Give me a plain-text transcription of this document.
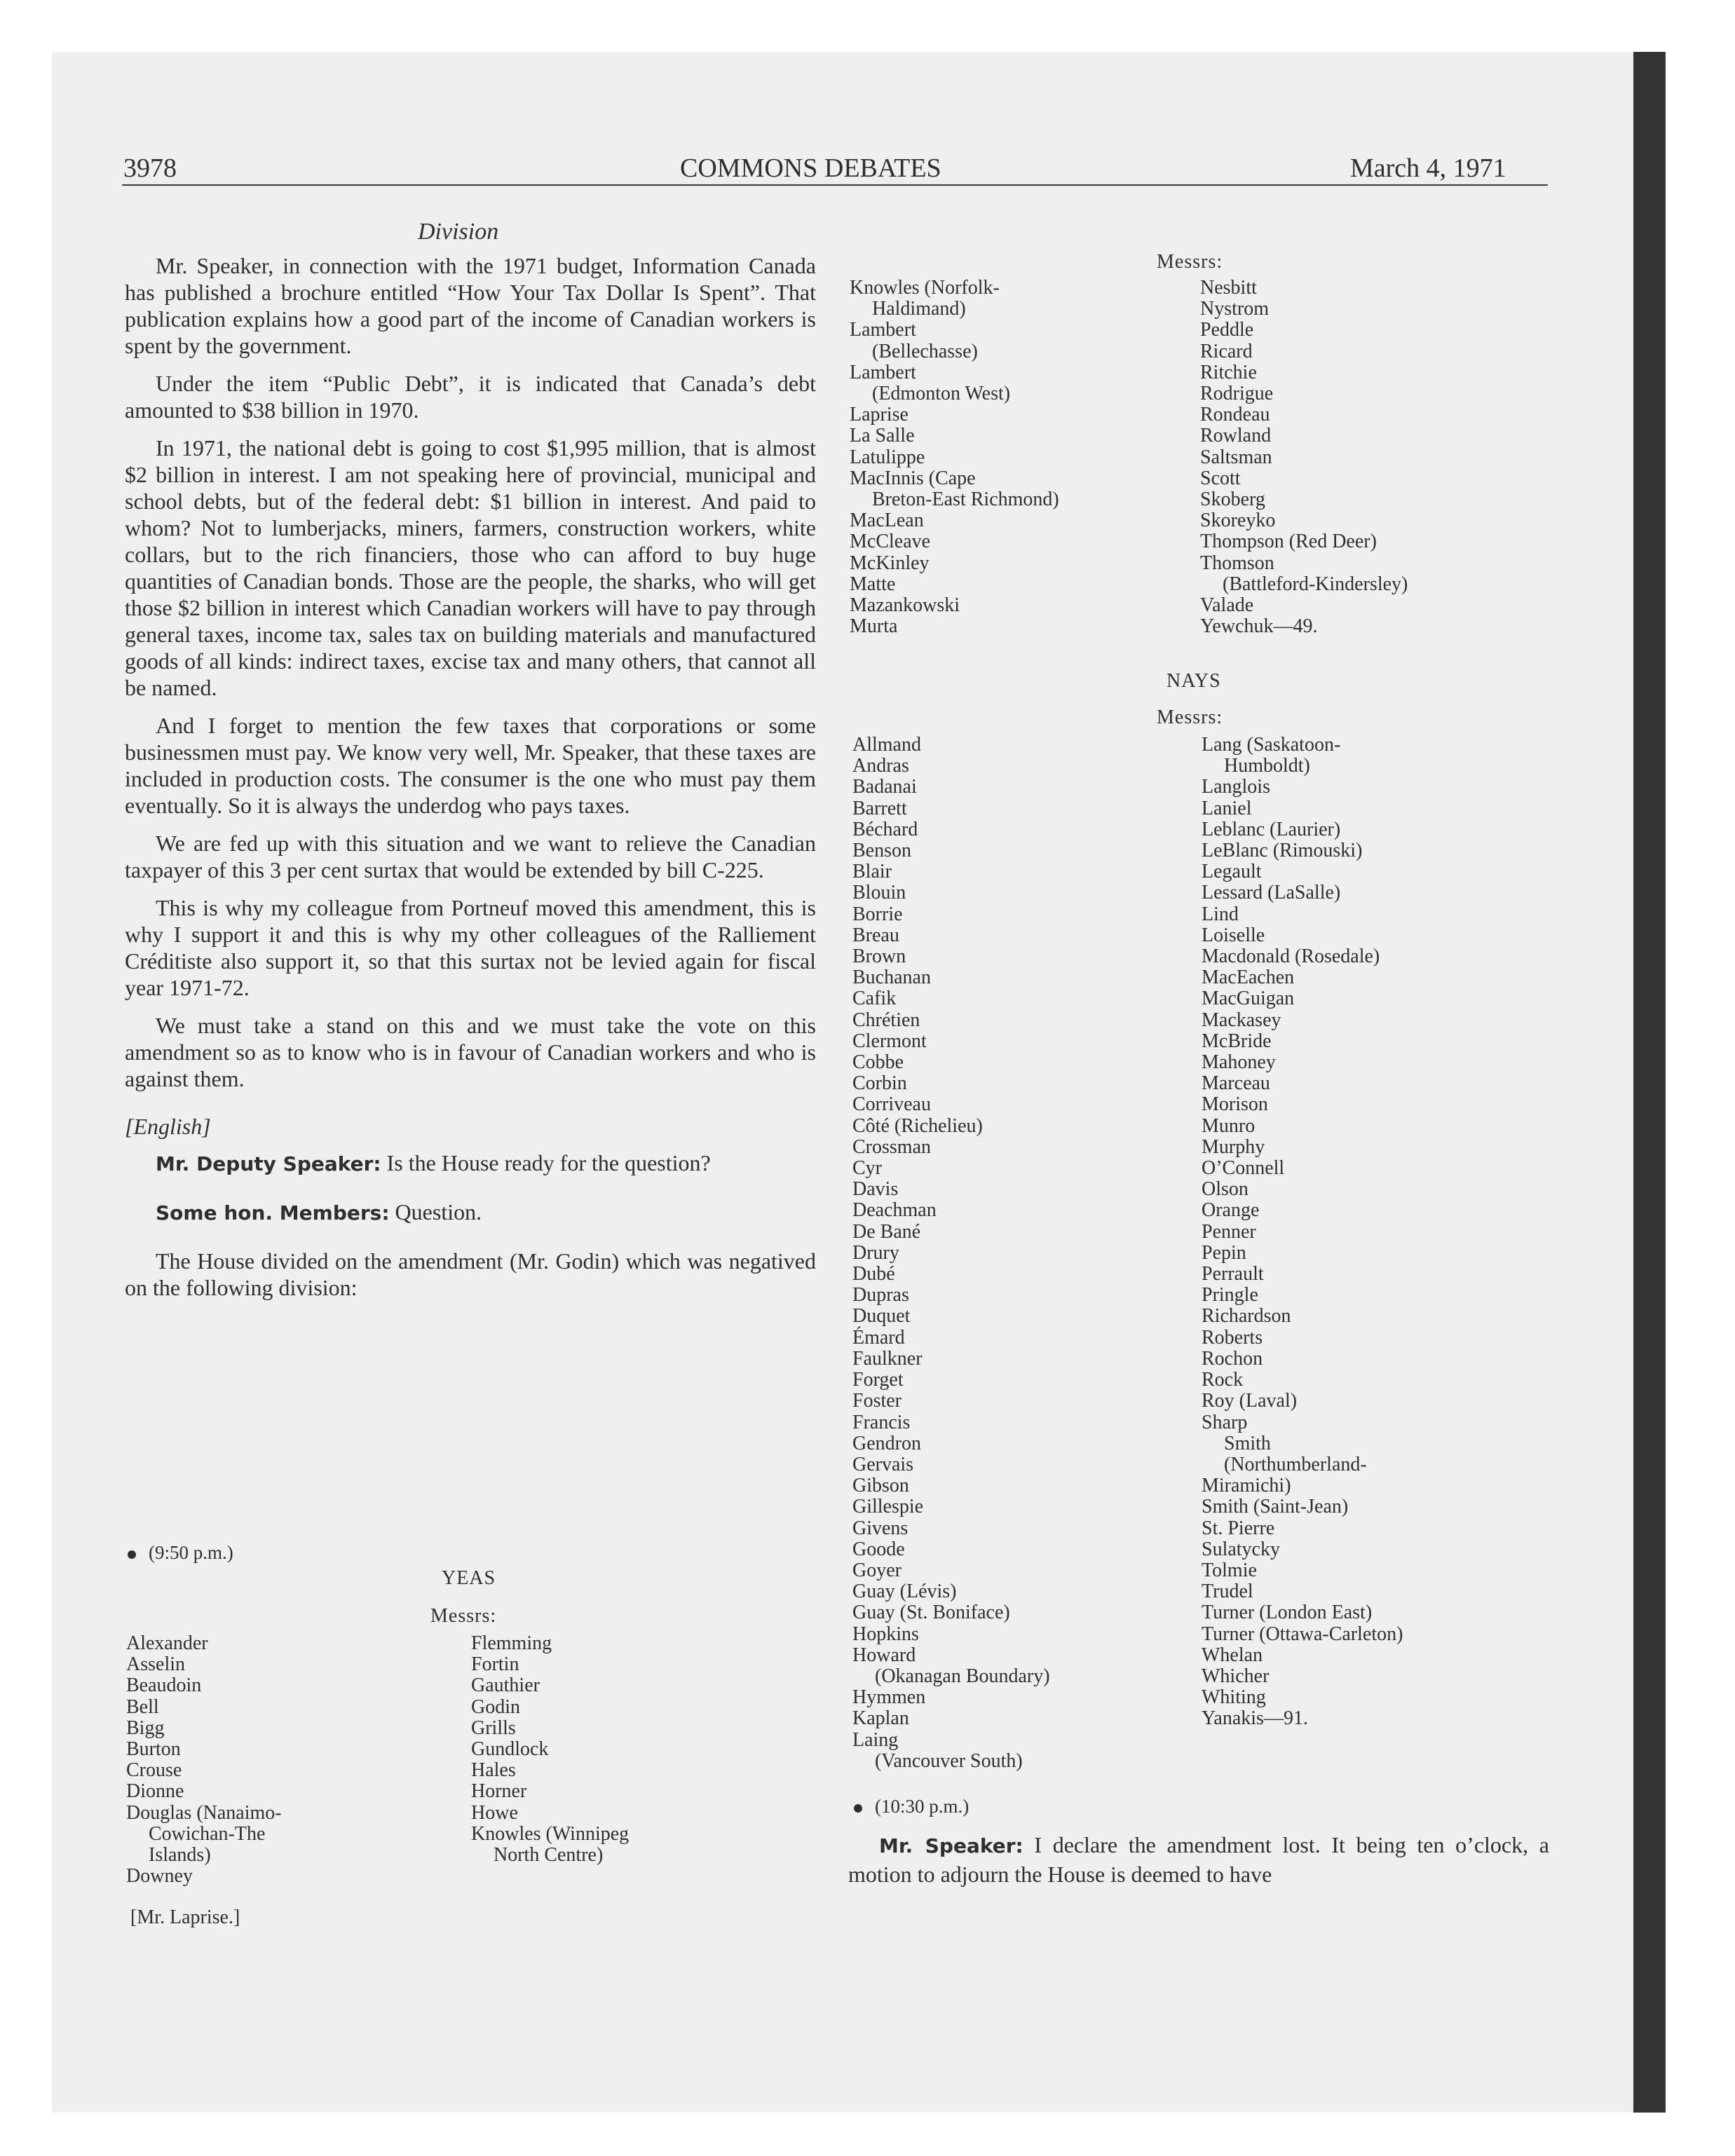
3978	COMMONS DEBATES	March 4, 1971
Division

Mr. Speaker, in connection with the 1971 budget, Information Canada has published a brochure entitled “How Your Tax Dollar Is Spent”. That publication explains how a good part of the income of Canadian workers is spent by the government.

Under the item “Public Debt”, it is indicated that Canada’s debt amounted to $38 billion in 1970.

In 1971, the national debt is going to cost $1,995 million, that is almost $2 billion in interest. I am not speaking here of provincial, municipal and school debts, but of the federal debt: $1 billion in interest. And paid to whom? Not to lumberjacks, miners, farmers, construction workers, white collars, but to the rich financiers, those who can afford to buy huge quantities of Canadian bonds. Those are the people, the sharks, who will get those $2 billion in interest which Canadian workers will have to pay through general taxes, income tax, sales tax on building materials and manufactured goods of all kinds: indirect taxes, excise tax and many others, that cannot all be named.

And I forget to mention the few taxes that corporations or some businessmen must pay. We know very well, Mr. Speaker, that these taxes are included in production costs. The consumer is the one who must pay them eventually. So it is always the underdog who pays taxes.

We are fed up with this situation and we want to relieve the Canadian taxpayer of this 3 per cent surtax that would be extended by bill C-225.

This is why my colleague from Portneuf moved this amendment, this is why I support it and this is why my other colleagues of the Ralliement Créditiste also support it, so that this surtax not be levied again for fiscal year 1971-72.

We must take a stand on this and we must take the vote on this amendment so as to know who is in favour of Canadian workers and who is against them.

[English]

Mr. Deputy Speaker: Is the House ready for the question?

Some hon. Members: Question.

The House divided on the amendment (Mr. Godin) which was negatived on the following division:

(9:50 p.m.)
YEAS
Messrs:
Alexander
Asselin
Beaudoin
Bell
Bigg
Burton
Crouse
Dionne
Douglas (Nanaimo-
Cowichan-The
Islands)
Downey
Flemming
Fortin
Gauthier
Godin
Grills
Gundlock
Hales
Horner
Howe
Knowles (Winnipeg
North Centre)
Knowles (Norfolk-
Haldimand)
Lambert
(Bellechasse)
Lambert
(Edmonton West)
Laprise
La Salle
Latulippe
MacInnis (Cape
Breton-East Richmond)
MacLean
McCleave
McKinley
Matte
Mazankowski
Murta
Messrs:
Nesbitt
Nystrom
Peddle
Ricard
Ritchie
Rodrigue
Rondeau
Rowland
Saltsman
Scott
Skoberg
Skoreyko
Thompson (Red Deer)
Thomson
(Battleford-Kindersley)
Valade
Yewchuk—49.
NAYS
Messrs:
Allmand
Andras
Badanai
Barrett
Béchard
Benson
Blair
Blouin
Borrie
Breau
Brown
Buchanan
Cafik
Chrétien
Clermont
Cobbe
Corbin
Corriveau
Côté (Richelieu)
Crossman
Cyr
Davis
Deachman
De Bané
Drury
Dubé
Dupras
Duquet
Émard
Faulkner
Forget
Foster
Francis
Gendron
Gervais
Gibson
Gillespie
Givens
Goode
Goyer
Guay (Lévis)
Guay (St. Boniface)
Hopkins
Howard
(Okanagan Boundary)
Hymmen
Kaplan
Laing
(Vancouver South)
Lang (Saskatoon-
Humboldt)
Langlois
Laniel
Leblanc (Laurier)
LeBlanc (Rimouski)
Legault
Lessard (LaSalle)
Lind
Loiselle
Macdonald (Rosedale)
MacEachen
MacGuigan
Mackasey
McBride
Mahoney
Marceau
Morison
Munro
Murphy
O’Connell
Olson
Orange
Penner
Pepin
Perrault
Pringle
Richardson
Roberts
Rochon
Rock
Roy (Laval)
Sharp
Smith
(Northumberland-
Miramichi)
Smith (Saint-Jean)
St. Pierre
Sulatycky
Tolmie
Trudel
Turner (London East)
Turner (Ottawa-Carleton)
Whelan
Whicher
Whiting
Yanakis—91.
(10:30 p.m.)
Mr. Speaker: I declare the amendment lost. It being ten o’clock, a motion to adjourn the House is deemed to have
[Mr. Laprise.]
